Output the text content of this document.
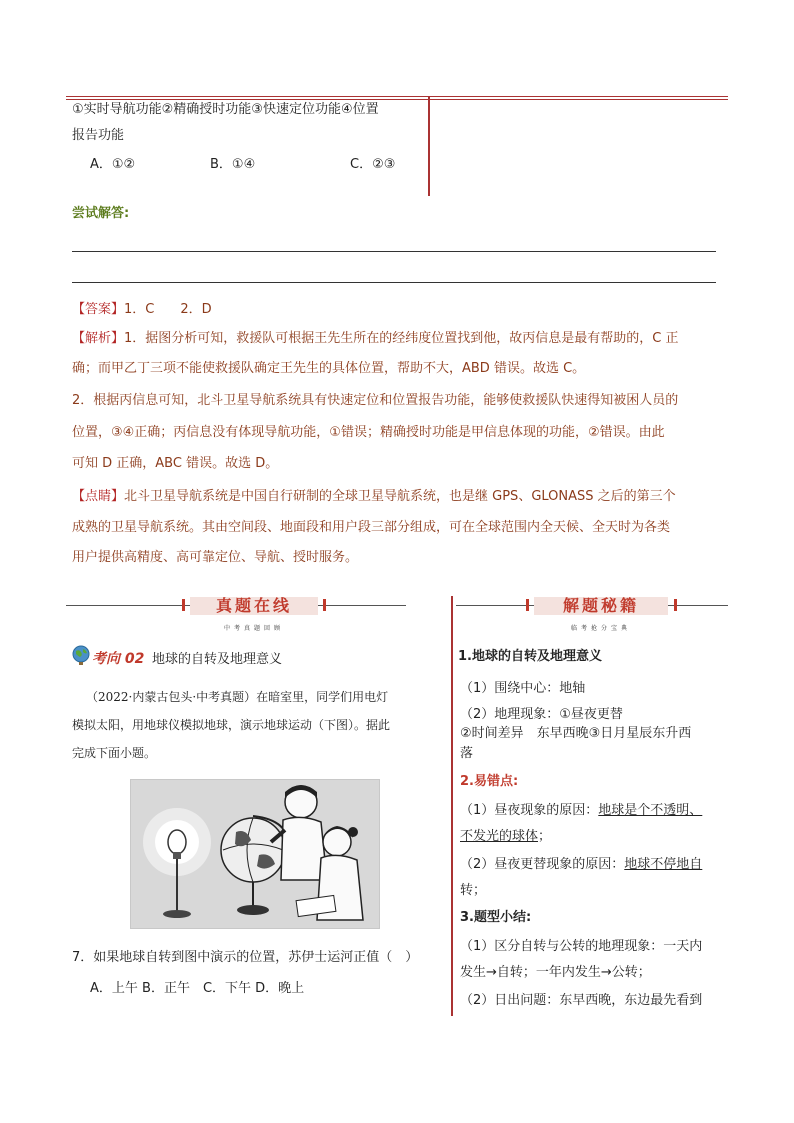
①实时导航功能②精确授时功能③快速定位功能④位置
报告功能
A．①②	B．①④	C．②③
尝试解答:
【答案】1．C　　2．D
【解析】1．据图分析可知，救援队可根据王先生所在的经纬度位置找到他，故丙信息是最有帮助的，C 正
确；而甲乙丁三项不能使救援队确定王先生的具体位置，帮助不大，ABD 错误。故选 C。
2．根据丙信息可知，北斗卫星导航系统具有快速定位和位置报告功能，能够使救援队快速得知被困人员的
位置，③④正确；丙信息没有体现导航功能，①错误；精确授时功能是甲信息体现的功能，②错误。由此
可知 D 正确，ABC 错误。故选 D。
【点睛】北斗卫星导航系统是中国自行研制的全球卫星导航系统，也是继 GPS、GLONASS 之后的第三个
成熟的卫星导航系统。其由空间段、地面段和用户段三部分组成，可在全球范围内全天候、全天时为各类
用户提供高精度、高可靠定位、导航、授时服务。
真题在线
中考真题回顾
解题秘籍
临考抢分宝典
考向 02 地球的自转及地理意义
（2022·内蒙古包头·中考真题）在暗室里，同学们用电灯
模拟太阳，用地球仪模拟地球，演示地球运动（下图）。据此
完成下面小题。
7．如果地球自转到图中演示的位置，苏伊士运河正值（　）
A．上午 B．正午　C．下午 D．晚上
1.地球的自转及地理意义
（1）围绕中心：地轴
（2）地理现象：①昼夜更替
②时间差异　东早西晚③日月星辰东升西
落
2.易错点:
（1）昼夜现象的原因：地球是个不透明、
不发光的球体；
（2）昼夜更替现象的原因：地球不停地自
转；
3.题型小结:
（1）区分自转与公转的地理现象：一天内
发生→自转；一年内发生→公转；
（2）日出问题：东早西晚，东边最先看到
